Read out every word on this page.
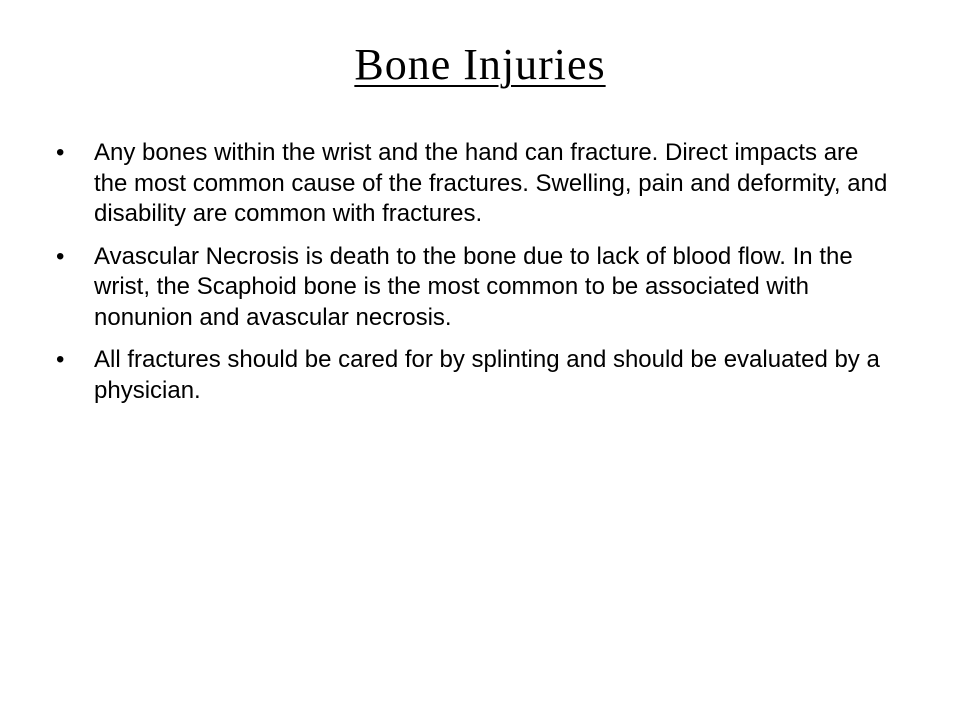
Bone Injuries
•	Any bones within the wrist and the hand can fracture. Direct impacts are the most common cause of the fractures. Swelling, pain and deformity, and disability are common with fractures.
•	Avascular Necrosis is death to the bone due to lack of blood flow. In the wrist, the Scaphoid bone is the most common to be associated with nonunion and avascular necrosis.
•	All fractures should be cared for by splinting and should be evaluated by a physician.
